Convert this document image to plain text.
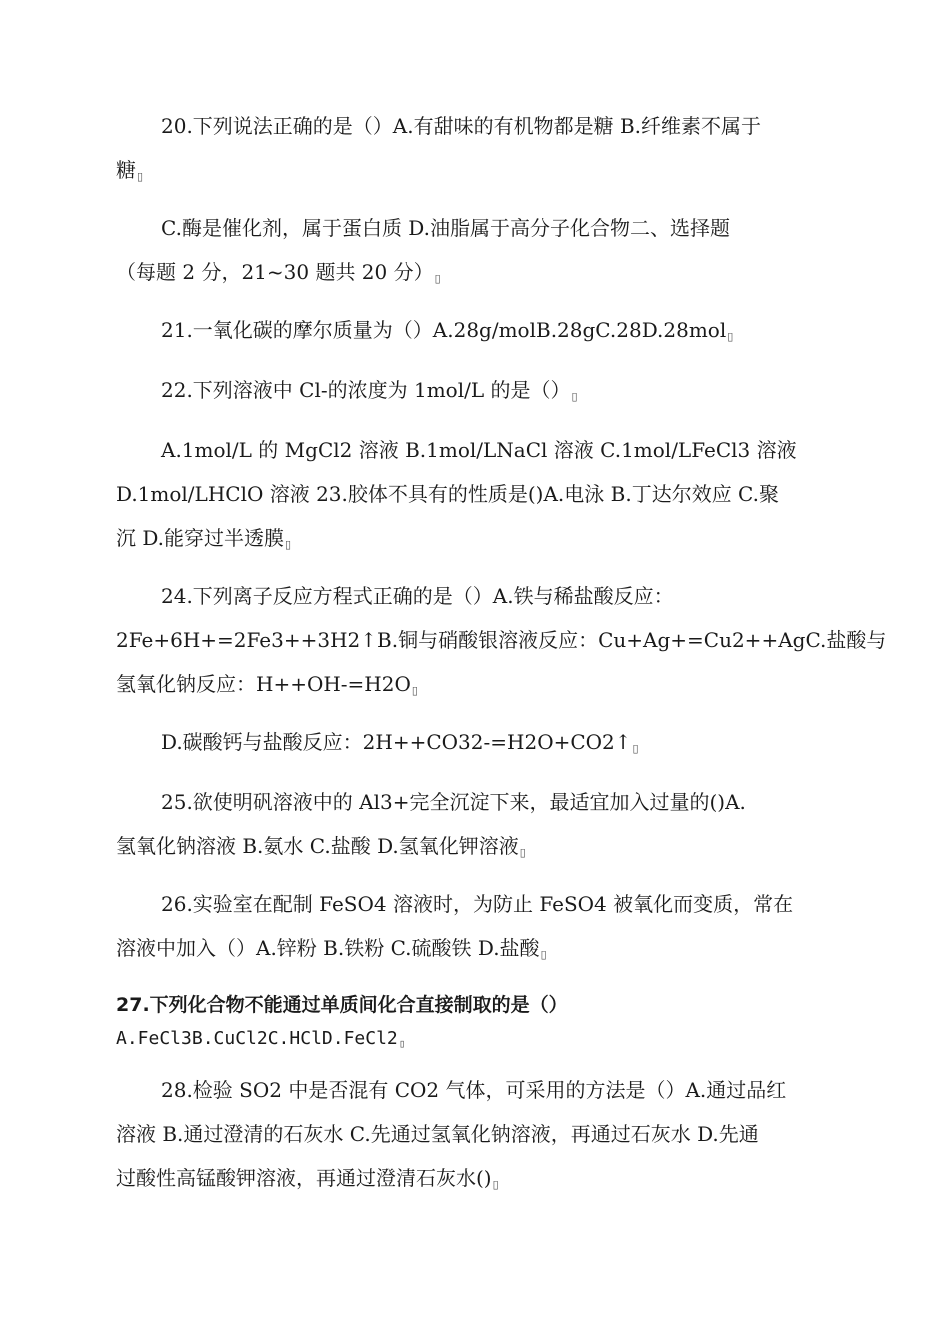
20.下列说法正确的是（）A.有甜味的有机物都是糖 B.纤维素不属于
糖▯

C.酶是催化剂，属于蛋白质 D.油脂属于高分子化合物二、选择题
（每题 2 分，21~30 题共 20 分）▯

21.一氧化碳的摩尔质量为（）A.28g/molB.28gC.28D.28mol▯

22.下列溶液中 Cl-的浓度为 1mol/L 的是（）▯

A.1mol/L 的 MgCl2 溶液 B.1mol/LNaCl 溶液 C.1mol/LFeCl3 溶液
D.1mol/LHClO 溶液 23.胶体不具有的性质是()A.电泳 B.丁达尔效应 C.聚
沉 D.能穿过半透膜▯

24.下列离子反应方程式正确的是（）A.铁与稀盐酸反应：
2Fe+6H+=2Fe3++3H2↑B.铜与硝酸银溶液反应：Cu+Ag+=Cu2++AgC.盐酸与
氢氧化钠反应：H++OH-=H2O▯

D.碳酸钙与盐酸反应：2H++CO32-=H2O+CO2↑▯

25.欲使明矾溶液中的 Al3+完全沉淀下来，最适宜加入过量的()A.
氢氧化钠溶液 B.氨水 C.盐酸 D.氢氧化钾溶液▯

26.实验室在配制 FeSO4 溶液时，为防止 FeSO4 被氧化而变质，常在
溶液中加入（）A.锌粉 B.铁粉 C.硫酸铁 D.盐酸▯

27.下列化合物不能通过单质间化合直接制取的是（）
A.FeCl3B.CuCl2C.HClD.FeCl2▯

28.检验 SO2 中是否混有 CO2 气体，可采用的方法是（）A.通过品红
溶液 B.通过澄清的石灰水 C.先通过氢氧化钠溶液，再通过石灰水 D.先通
过酸性高锰酸钾溶液，再通过澄清石灰水()▯
